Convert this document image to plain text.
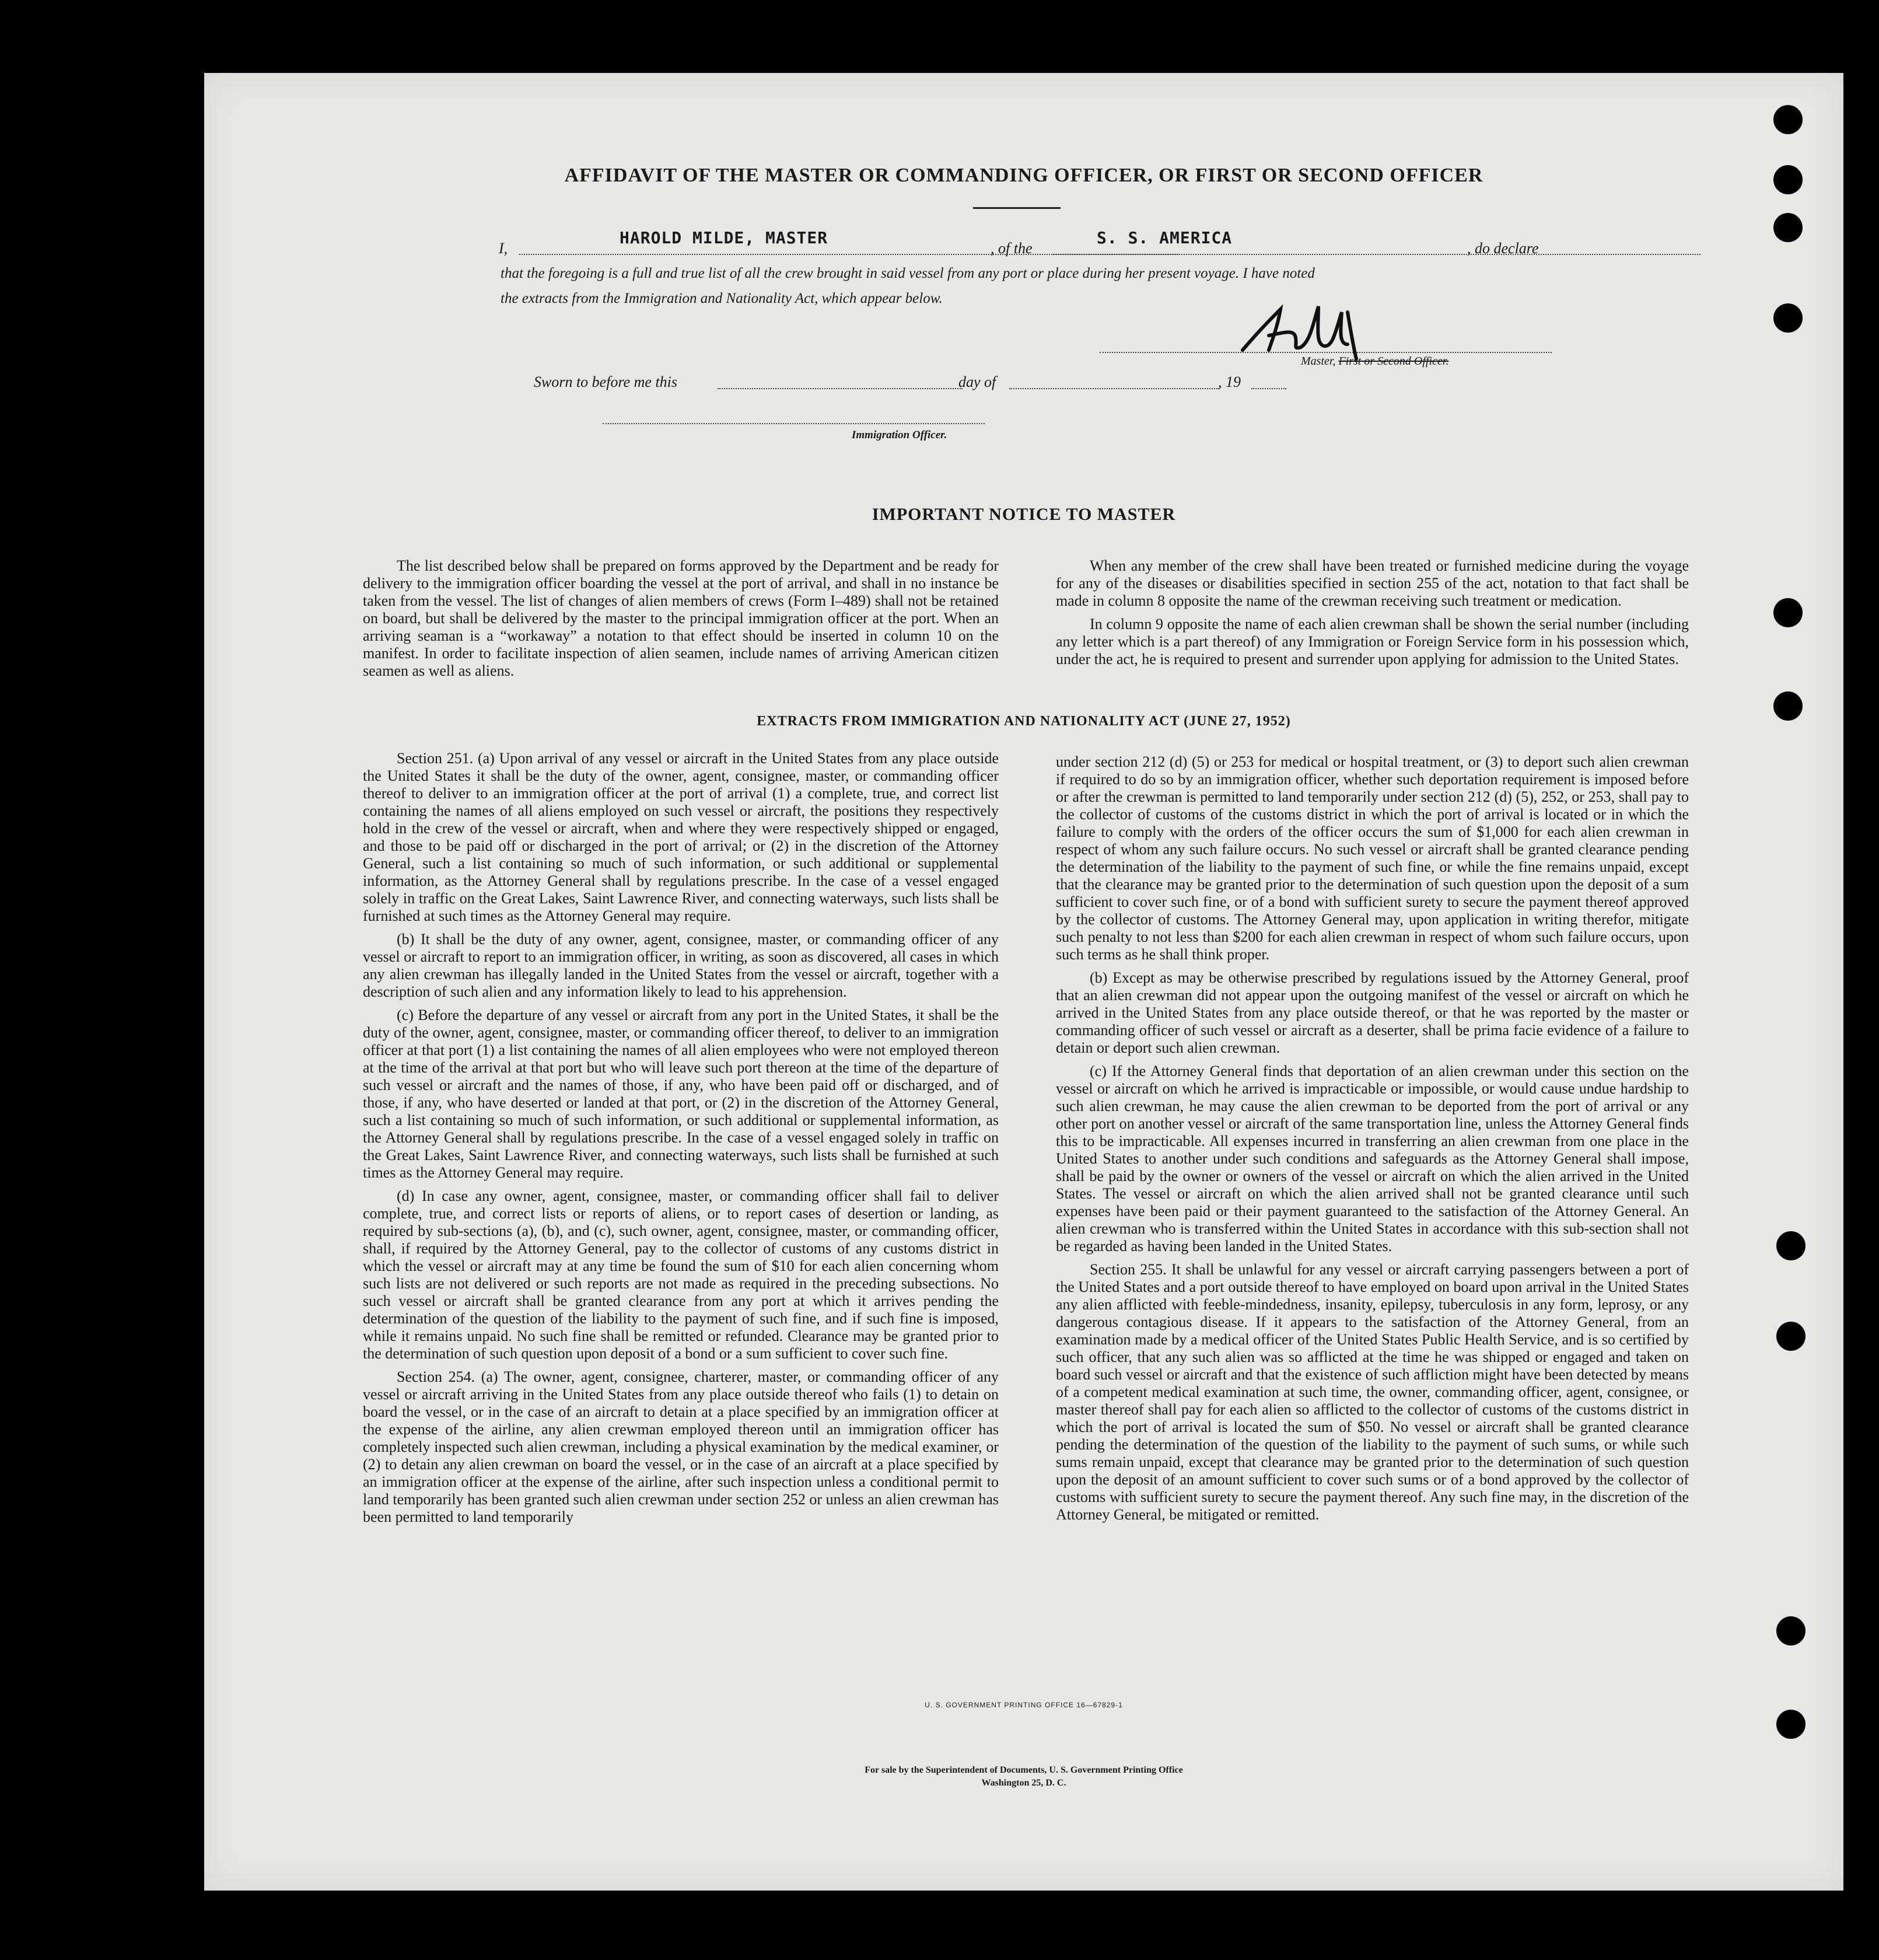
AFFIDAVIT OF THE MASTER OR COMMANDING OFFICER, OR FIRST OR SECOND OFFICER
I,
HAROLD MILDE, MASTER
, of the
S. S. AMERICA
, do declare
that the foregoing is a full and true list of all the crew brought in said vessel from any port or place during her present voyage. I have noted
the extracts from the Immigration and Nationality Act, which appear below.
Master, First or Second Officer.
Sworn to before me this	day of	, 19
Immigration Officer.
IMPORTANT NOTICE TO MASTER

The list described below shall be prepared on forms approved by the Department and be ready for delivery to the immigration officer boarding the vessel at the port of arrival, and shall in no instance be taken from the vessel. The list of changes of alien members of crews (Form I–489) shall not be retained on board, but shall be delivered by the master to the principal immigration officer at the port. When an arriving seaman is a “workaway” a notation to that effect should be inserted in column 10 on the manifest. In order to facilitate inspection of alien seamen, include names of arriving American citizen seamen as well as aliens.

When any member of the crew shall have been treated or furnished medicine during the voyage for any of the diseases or disabilities specified in section 255 of the act, notation to that fact shall be made in column 8 opposite the name of the crewman receiving such treatment or medication.

In column 9 opposite the name of each alien crewman shall be shown the serial number (including any letter which is a part thereof) of any Immigration or Foreign Service form in his possession which, under the act, he is required to present and surrender upon applying for admission to the United States.

EXTRACTS FROM IMMIGRATION AND NATIONALITY ACT (JUNE 27, 1952)

Section 251. (a) Upon arrival of any vessel or aircraft in the United States from any place outside the United States it shall be the duty of the owner, agent, consignee, master, or commanding officer thereof to deliver to an immigration officer at the port of arrival (1) a complete, true, and correct list containing the names of all aliens employed on such vessel or aircraft, the positions they respectively hold in the crew of the vessel or aircraft, when and where they were respectively shipped or engaged, and those to be paid off or discharged in the port of arrival; or (2) in the discretion of the Attorney General, such a list containing so much of such information, or such additional or supplemental information, as the Attorney General shall by regulations prescribe. In the case of a vessel engaged solely in traffic on the Great Lakes, Saint Lawrence River, and connecting waterways, such lists shall be furnished at such times as the Attorney General may require.

(b) It shall be the duty of any owner, agent, consignee, master, or commanding officer of any vessel or aircraft to report to an immigration officer, in writing, as soon as discovered, all cases in which any alien crewman has illegally landed in the United States from the vessel or aircraft, together with a description of such alien and any information likely to lead to his apprehension.

(c) Before the departure of any vessel or aircraft from any port in the United States, it shall be the duty of the owner, agent, consignee, master, or commanding officer thereof, to deliver to an immigration officer at that port (1) a list containing the names of all alien employees who were not employed thereon at the time of the arrival at that port but who will leave such port thereon at the time of the departure of such vessel or aircraft and the names of those, if any, who have been paid off or discharged, and of those, if any, who have deserted or landed at that port, or (2) in the discretion of the Attorney General, such a list containing so much of such information, or such additional or supplemental information, as the Attorney General shall by regulations prescribe. In the case of a vessel engaged solely in traffic on the Great Lakes, Saint Lawrence River, and connecting waterways, such lists shall be furnished at such times as the Attorney General may require.

(d) In case any owner, agent, consignee, master, or commanding officer shall fail to deliver complete, true, and correct lists or reports of aliens, or to report cases of desertion or landing, as required by sub-sections (a), (b), and (c), such owner, agent, consignee, master, or commanding officer, shall, if required by the Attorney General, pay to the collector of customs of any customs district in which the vessel or aircraft may at any time be found the sum of $10 for each alien concerning whom such lists are not delivered or such reports are not made as required in the preceding subsections. No such vessel or aircraft shall be granted clearance from any port at which it arrives pending the determination of the question of the liability to the payment of such fine, and if such fine is imposed, while it remains unpaid. No such fine shall be remitted or refunded. Clearance may be granted prior to the determination of such question upon deposit of a bond or a sum sufficient to cover such fine.

Section 254. (a) The owner, agent, consignee, charterer, master, or commanding officer of any vessel or aircraft arriving in the United States from any place outside thereof who fails (1) to detain on board the vessel, or in the case of an aircraft to detain at a place specified by an immigration officer at the expense of the airline, any alien crewman employed thereon until an immigration officer has completely inspected such alien crewman, including a physical examination by the medical examiner, or (2) to detain any alien crewman on board the vessel, or in the case of an aircraft at a place specified by an immigration officer at the expense of the airline, after such inspection unless a conditional permit to land temporarily has been granted such alien crewman under section 252 or unless an alien crewman has been permitted to land temporarily

under section 212 (d) (5) or 253 for medical or hospital treatment, or (3) to deport such alien crewman if required to do so by an immigration officer, whether such deportation requirement is imposed before or after the crewman is permitted to land temporarily under section 212 (d) (5), 252, or 253, shall pay to the collector of customs of the customs district in which the port of arrival is located or in which the failure to comply with the orders of the officer occurs the sum of $1,000 for each alien crewman in respect of whom any such failure occurs. No such vessel or aircraft shall be granted clearance pending the determination of the liability to the payment of such fine, or while the fine remains unpaid, except that the clearance may be granted prior to the determination of such question upon the deposit of a sum sufficient to cover such fine, or of a bond with sufficient surety to secure the payment thereof approved by the collector of customs. The Attorney General may, upon application in writing therefor, mitigate such penalty to not less than $200 for each alien crewman in respect of whom such failure occurs, upon such terms as he shall think proper.

(b) Except as may be otherwise prescribed by regulations issued by the Attorney General, proof that an alien crewman did not appear upon the outgoing manifest of the vessel or aircraft on which he arrived in the United States from any place outside thereof, or that he was reported by the master or commanding officer of such vessel or aircraft as a deserter, shall be prima facie evidence of a failure to detain or deport such alien crewman.

(c) If the Attorney General finds that deportation of an alien crewman under this section on the vessel or aircraft on which he arrived is impracticable or impossible, or would cause undue hardship to such alien crewman, he may cause the alien crewman to be deported from the port of arrival or any other port on another vessel or aircraft of the same transportation line, unless the Attorney General finds this to be impracticable. All expenses incurred in transferring an alien crewman from one place in the United States to another under such conditions and safeguards as the Attorney General shall impose, shall be paid by the owner or owners of the vessel or aircraft on which the alien arrived in the United States. The vessel or aircraft on which the alien arrived shall not be granted clearance until such expenses have been paid or their payment guaranteed to the satisfaction of the Attorney General. An alien crewman who is transferred within the United States in accordance with this sub-section shall not be regarded as having been landed in the United States.

Section 255. It shall be unlawful for any vessel or aircraft carrying passengers between a port of the United States and a port outside thereof to have employed on board upon arrival in the United States any alien afflicted with feeble-mindedness, insanity, epilepsy, tuberculosis in any form, leprosy, or any dangerous contagious disease. If it appears to the satisfaction of the Attorney General, from an examination made by a medical officer of the United States Public Health Service, and is so certified by such officer, that any such alien was so afflicted at the time he was shipped or engaged and taken on board such vessel or aircraft and that the existence of such affliction might have been detected by means of a competent medical examination at such time, the owner, commanding officer, agent, consignee, or master thereof shall pay for each alien so afflicted to the collector of customs of the customs district in which the port of arrival is located the sum of $50. No vessel or aircraft shall be granted clearance pending the determination of the question of the liability to the payment of such sums, or while such sums remain unpaid, except that clearance may be granted prior to the determination of such question upon the deposit of an amount sufficient to cover such sums or of a bond approved by the collector of customs with sufficient surety to secure the payment thereof. Any such fine may, in the discretion of the Attorney General, be mitigated or remitted.

U. S. GOVERNMENT PRINTING OFFICE 16—67829-1
For sale by the Superintendent of Documents, U. S. Government Printing Office
Washington 25, D. C.
